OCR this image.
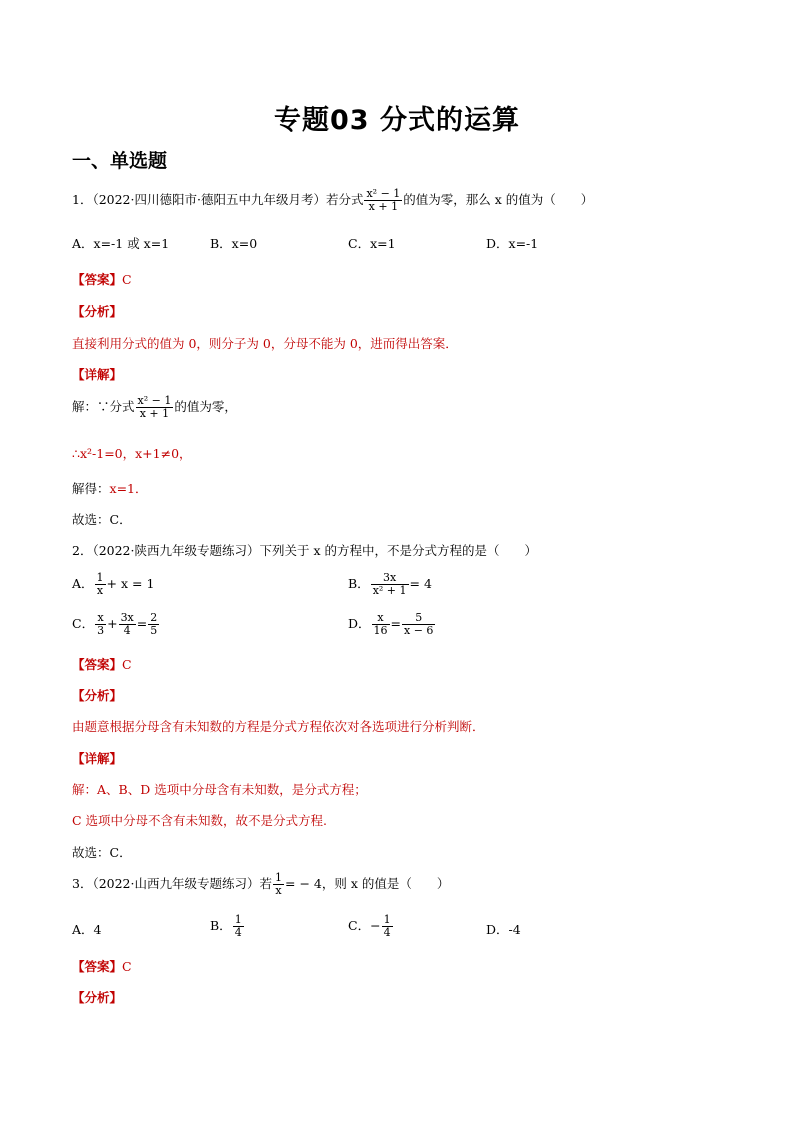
专题03 分式的运算
一、单选题
1．（2022·四川德阳市·德阳五中九年级月考）若分式 $\frac{\text{x² − 1}}{x + 1}$ 的值为零，那么 x 的值为（　　）
A．x=-1 或 x=1	B．x=0	C．x=1	D．x=-1
【答案】C
【分析】
直接利用分式的值为 0，则分子为 0，分母不能为 0，进而得出答案．
【详解】
解：∵分式 $\frac{\text{x² − 1}}{x + 1}$ 的值为零，
∴x²-1=0，x+1≠0，
解得：x=1．
故选：C．
2．（2022·陕西九年级专题练习）下列关于 x 的方程中，不是分式方程的是（　　）
A． $\frac{1}{x} + x = 1$	B． $\frac{3x}{\text{x² + 1}} = 4$
C． $\frac{x}{3} + \frac{3x}{4} = \frac{2}{5}$	D． $\frac{x}{16} = \frac{5}{x - 6}$
【答案】C
【分析】
由题意根据分母含有未知数的方程是分式方程依次对各选项进行分析判断．
【详解】
解：A、B、D 选项中分母含有未知数，是分式方程；
C 选项中分母不含有未知数，故不是分式方程.
故选：C．
3．（2022·山西九年级专题练习）若 $\frac{1}{x}$ = − 4，则 x 的值是（　　）
A．4	B． $\frac{1}{4}$	C．− $\frac{1}{4}$	D．-4
【答案】C
【分析】
